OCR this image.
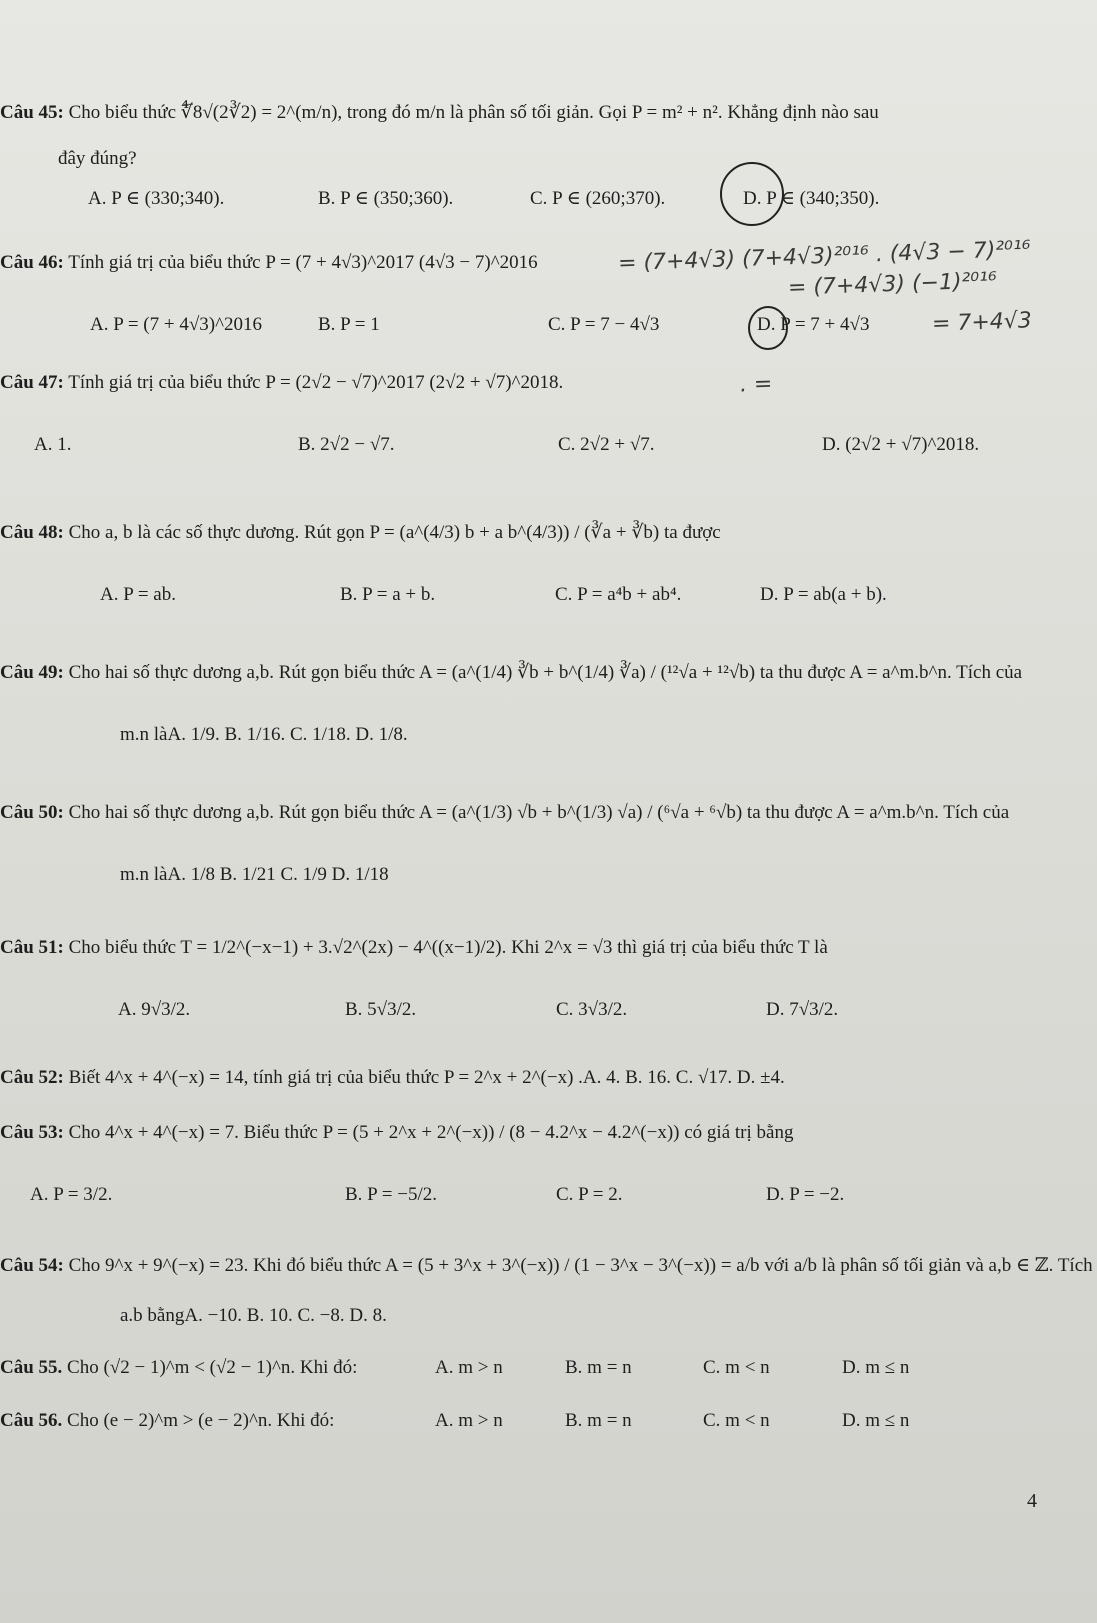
Câu 45: Cho biểu thức ∜̅8√(2∛2) = 2^(m/n), trong đó m/n là phân số tối giản. Gọi P = m² + n². Khẳng định nào sau
đây đúng?
A. P ∈ (330;340).	B. P ∈ (350;360).	C. P ∈ (260;370).	D. P ∈ (340;350).
Câu 46: Tính giá trị của biểu thức P = (7 + 4√3)^2017 (4√3 − 7)^2016	= (7+4√3) (7+4√3)²⁰¹⁶ . (4√3 − 7)²⁰¹⁶
= (7+4√3) (−1)²⁰¹⁶
A. P = (7 + 4√3)^2016	B. P = 1	C. P = 7 − 4√3	D. P = 7 + 4√3	= 7+4√3
Câu 47: Tính giá trị của biểu thức P = (2√2 − √7)^2017 (2√2 + √7)^2018.	. =
A. 1.	B. 2√2 − √7.	C. 2√2 + √7.	D. (2√2 + √7)^2018.
Câu 48: Cho a, b là các số thực dương. Rút gọn P = (a^(4/3) b + a b^(4/3)) / (∛a + ∛b) ta được
A. P = ab.	B. P = a + b.	C. P = a⁴b + ab⁴.	D. P = ab(a + b).
Câu 49: Cho hai số thực dương a,b. Rút gọn biểu thức A = (a^(1/4) ∛b + b^(1/4) ∛a) / (¹²√a + ¹²√b) ta thu được A = a^m.b^n. Tích của
m.n làA. 1/9. B. 1/16. C. 1/18. D. 1/8.
Câu 50: Cho hai số thực dương a,b. Rút gọn biểu thức A = (a^(1/3) √b + b^(1/3) √a) / (⁶√a + ⁶√b) ta thu được A = a^m.b^n. Tích của
m.n làA. 1/8 B. 1/21 C. 1/9 D. 1/18
Câu 51: Cho biểu thức T = 1/2^(−x−1) + 3.√2^(2x) − 4^((x−1)/2). Khi 2^x = √3 thì giá trị của biểu thức T là
A. 9√3/2.	B. 5√3/2.	C. 3√3/2.	D. 7√3/2.
Câu 52: Biết 4^x + 4^(−x) = 14, tính giá trị của biểu thức P = 2^x + 2^(−x) .A. 4. B. 16. C. √17. D. ±4.
Câu 53: Cho 4^x + 4^(−x) = 7. Biểu thức P = (5 + 2^x + 2^(−x)) / (8 − 4.2^x − 4.2^(−x)) có giá trị bằng
A. P = 3/2.	B. P = −5/2.	C. P = 2.	D. P = −2.
Câu 54: Cho 9^x + 9^(−x) = 23. Khi đó biểu thức A = (5 + 3^x + 3^(−x)) / (1 − 3^x − 3^(−x)) = a/b với a/b là phân số tối giản và a,b ∈ ℤ. Tích
a.b bằngA. −10. B. 10. C. −8. D. 8.
Câu 55. Cho (√2 − 1)^m < (√2 − 1)^n. Khi đó:	A. m > n	B. m = n	C. m < n	D. m ≤ n
Câu 56. Cho (e − 2)^m > (e − 2)^n. Khi đó:	A. m > n	B. m = n	C. m < n	D. m ≤ n
4
